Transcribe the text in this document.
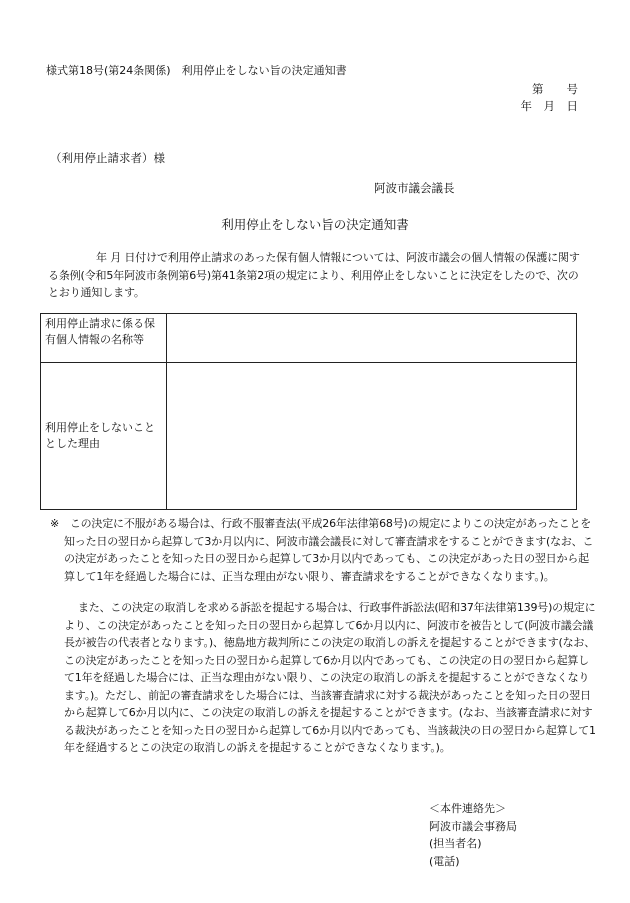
様式第18号(第24条関係)　利用停止をしない旨の決定通知書
第　　号
年　月　日
（利用停止請求者）様
阿波市議会議長
利用停止をしない旨の決定通知書
年 月 日付けで利用停止請求のあった保有個人情報については、阿波市議会の個人情報の保護に関する条例(令和5年阿波市条例第6号)第41条第2項の規定により、利用停止をしないことに決定をしたので、次のとおり通知します。
利用停止請求に係る保有個人情報の名称等	
利用停止をしないこととした理由	
※　この決定に不服がある場合は、行政不服審査法(平成26年法律第68号)の規定によりこの決定があったことを知った日の翌日から起算して3か月以内に、阿波市議会議長に対して審査請求をすることができます(なお、この決定があったことを知った日の翌日から起算して3か月以内であっても、この決定があった日の翌日から起算して1年を経過した場合には、正当な理由がない限り、審査請求をすることができなくなります。)。
また、この決定の取消しを求める訴訟を提起する場合は、行政事件訴訟法(昭和37年法律第139号)の規定により、この決定があったことを知った日の翌日から起算して6か月以内に、阿波市を被告として(阿波市議会議長が被告の代表者となります。)、徳島地方裁判所にこの決定の取消しの訴えを提起することができます(なお、この決定があったことを知った日の翌日から起算して6か月以内であっても、この決定の日の翌日から起算して1年を経過した場合には、正当な理由がない限り、この決定の取消しの訴えを提起することができなくなります。)。ただし、前記の審査請求をした場合には、当該審査請求に対する裁決があったことを知った日の翌日から起算して6か月以内に、この決定の取消しの訴えを提起することができます。(なお、当該審査請求に対する裁決があったことを知った日の翌日から起算して6か月以内であっても、当該裁決の日の翌日から起算して1年を経過するとこの決定の取消しの訴えを提起することができなくなります。)。
＜本件連絡先＞
阿波市議会事務局
(担当者名)
(電話)
